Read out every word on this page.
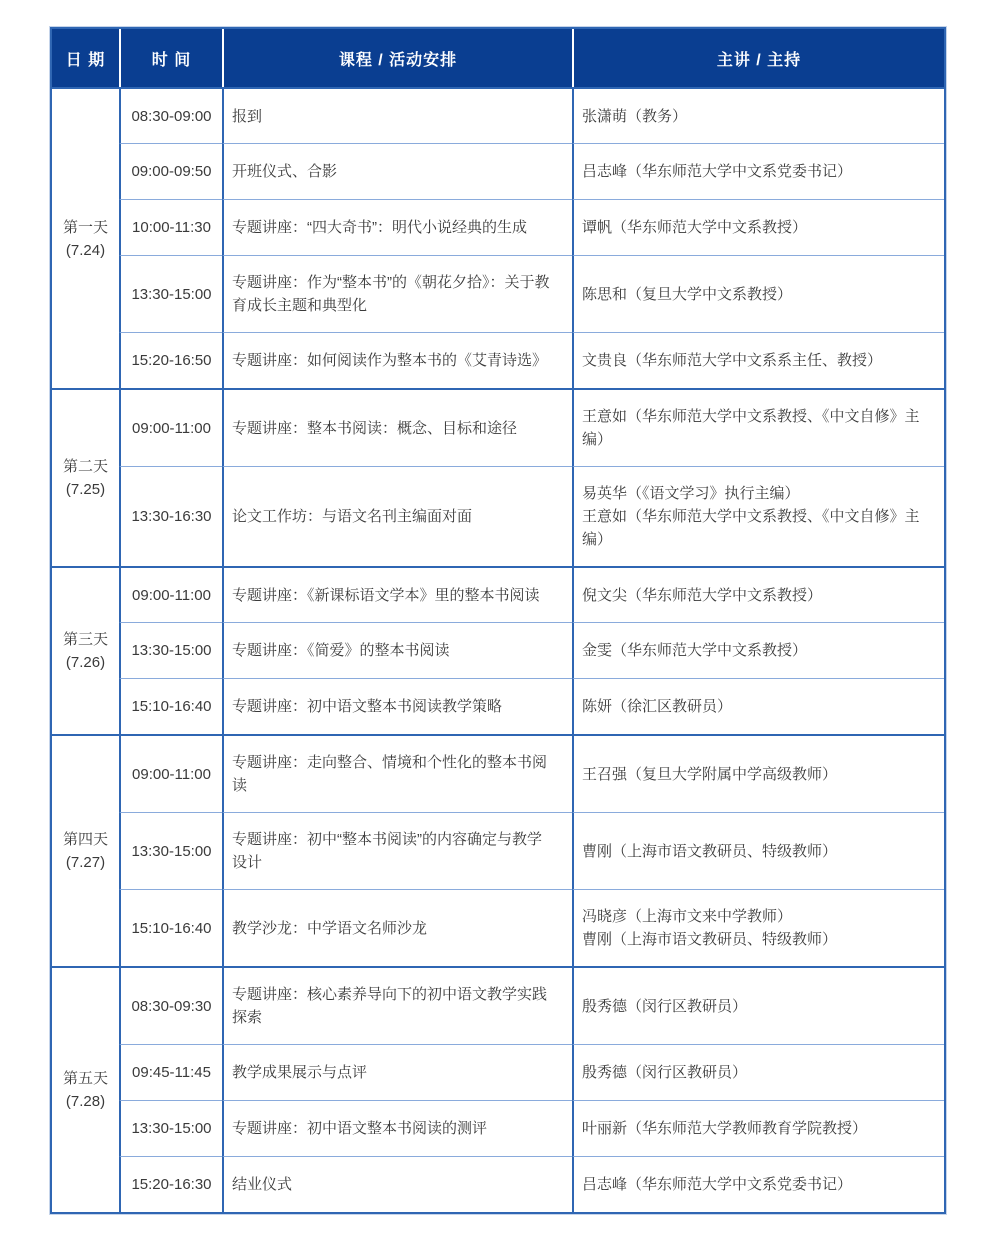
日 期	时 间	课程 / 活动安排	主讲 / 主持

第一天
(7.24)	08:30-09:00	报到	张潇萌（教务）

	09:00-09:50	开班仪式、合影	吕志峰（华东师范大学中文系党委书记）

	10:00-11:30	专题讲座：“四大奇书”：明代小说经典的生成	谭帆（华东师范大学中文系教授）

	13:30-15:00	专题讲座：作为“整本书”的《朝花夕拾》：关于教育成长主题和典型化	陈思和（复旦大学中文系教授）

	15:20-16:50	专题讲座：如何阅读作为整本书的《艾青诗选》	文贵良（华东师范大学中文系系主任、教授）

第二天
(7.25)	09:00-11:00	专题讲座：整本书阅读：概念、目标和途径	王意如（华东师范大学中文系教授、《中文自修》主编）

	13:30-16:30	论文工作坊：与语文名刊主编面对面	易英华（《语文学习》执行主编）
王意如（华东师范大学中文系教授、《中文自修》主编）

第三天
(7.26)	09:00-11:00	专题讲座：《新课标语文学本》里的整本书阅读	倪文尖（华东师范大学中文系教授）

	13:30-15:00	专题讲座：《简爱》的整本书阅读	金雯（华东师范大学中文系教授）

	15:10-16:40	专题讲座：初中语文整本书阅读教学策略	陈妍（徐汇区教研员）

第四天
(7.27)	09:00-11:00	专题讲座：走向整合、情境和个性化的整本书阅读	王召强（复旦大学附属中学高级教师）

	13:30-15:00	专题讲座：初中“整本书阅读”的内容确定与教学设计	曹刚（上海市语文教研员、特级教师）

	15:10-16:40	教学沙龙：中学语文名师沙龙	冯晓彦（上海市文来中学教师）
曹刚（上海市语文教研员、特级教师）

第五天
(7.28)	08:30-09:30	专题讲座：核心素养导向下的初中语文教学实践探索	殷秀德（闵行区教研员）

	09:45-11:45	教学成果展示与点评	殷秀德（闵行区教研员）

	13:30-15:00	专题讲座：初中语文整本书阅读的测评	叶丽新（华东师范大学教师教育学院教授）

	15:20-16:30	结业仪式	吕志峰（华东师范大学中文系党委书记）
